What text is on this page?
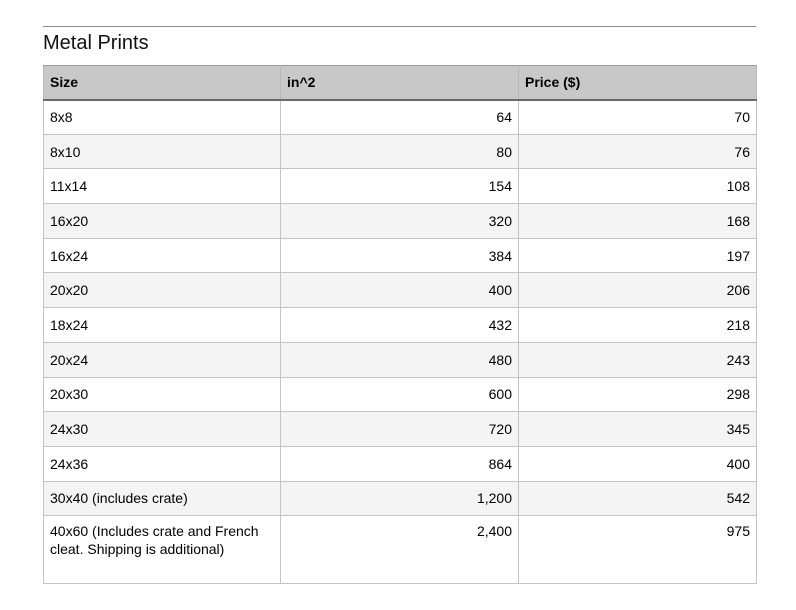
Metal Prints
Size	in^2	Price ($)
8x8	64	70
8x10	80	76
11x14	154	108
16x20	320	168
16x24	384	197
20x20	400	206
18x24	432	218
20x24	480	243
20x30	600	298
24x30	720	345
24x36	864	400
30x40 (includes crate)	1,200	542
40x60 (Includes crate and French cleat. Shipping is additional)	2,400	975
